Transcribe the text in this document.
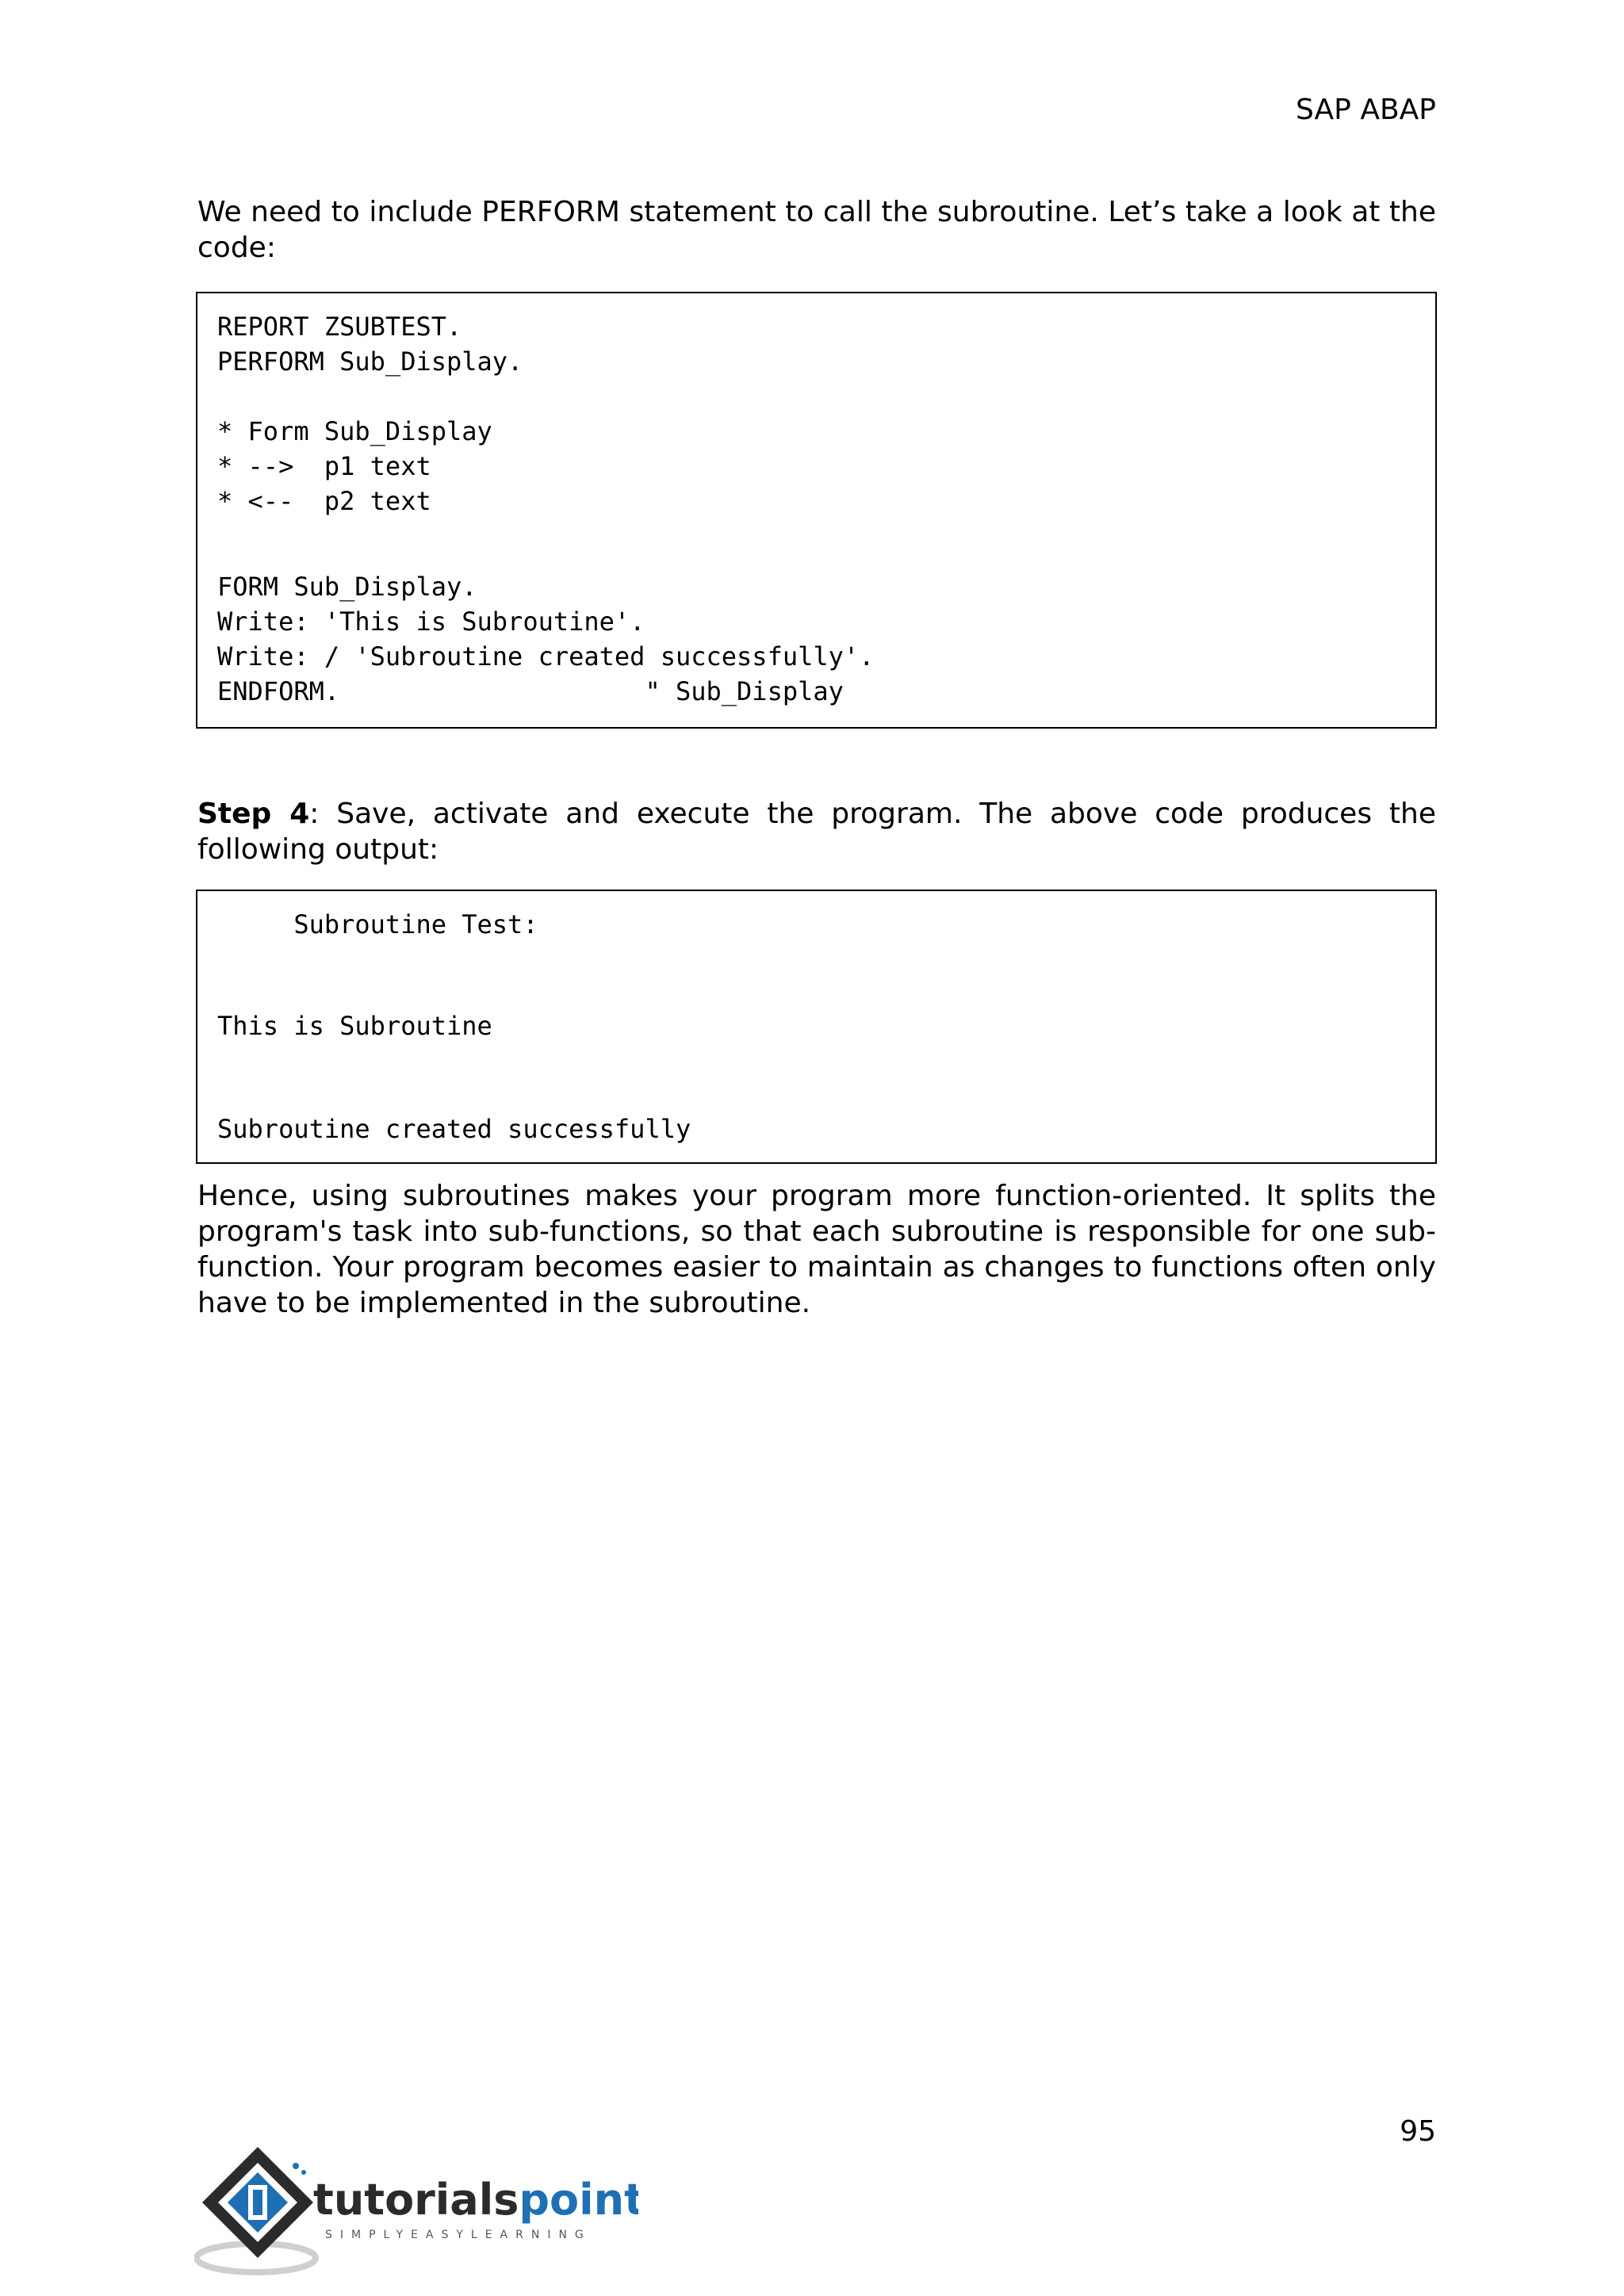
SAP ABAP

We need to include PERFORM statement to call the subroutine. Let’s take a look at the code:

REPORT ZSUBTEST.
PERFORM Sub_Display.
* Form Sub_Display
* -->  p1 text
* <--  p2 text
FORM Sub_Display.
Write: 'This is Subroutine'.
Write: / 'Subroutine created successfully'.
ENDFORM.                    " Sub_Display

Step 4: Save, activate and execute the program. The above code produces the following output:

Subroutine Test:
This is Subroutine
Subroutine created successfully

Hence, using subroutines makes your program more function-oriented. It splits the program's task into sub-functions, so that each subroutine is responsible for one sub-function. Your program becomes easier to maintain as changes to functions often only have to be implemented in the subroutine.

95
tutorialspoint
SIMPLYEASYLEARNING
